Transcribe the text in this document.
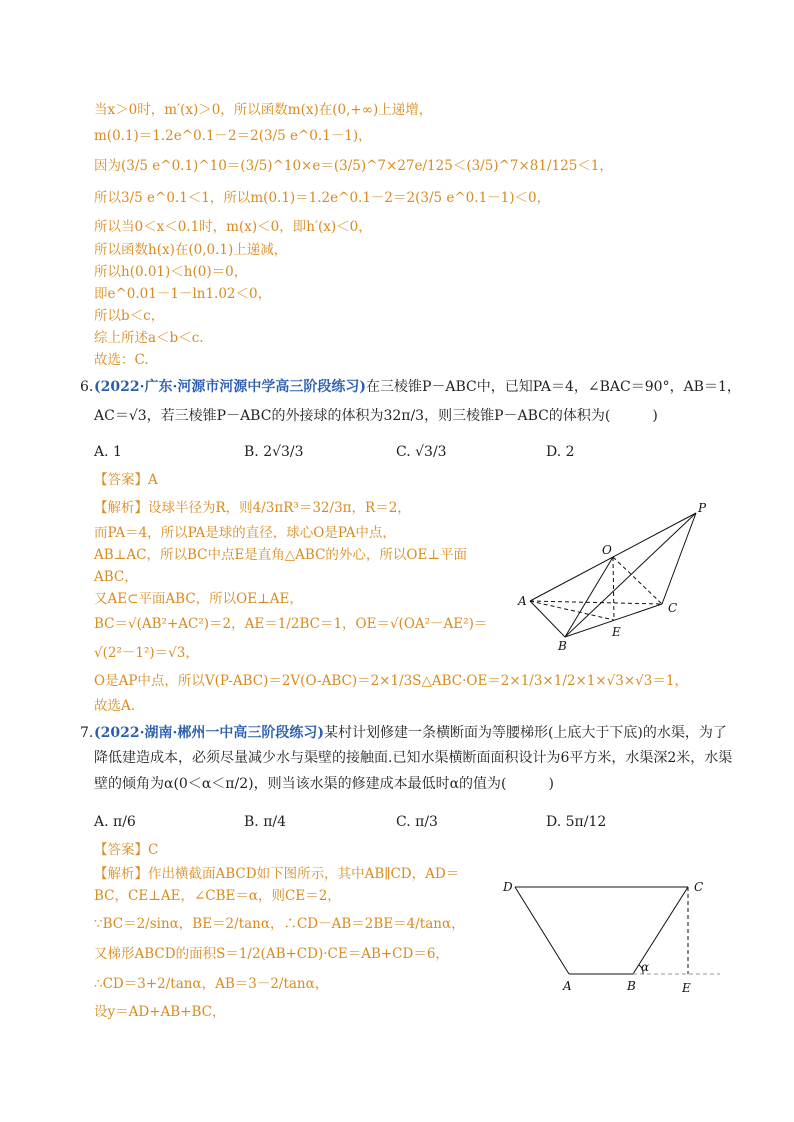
当x＞0时，m′(x)＞0，所以函数m(x)在(0,+∞)上递增，
m(0.1)＝1.2e^0.1－2＝2(3/5 e^0.1－1)，
因为(3/5 e^0.1)^10＝(3/5)^10×e＝(3/5)^7×27e/125＜(3/5)^7×81/125＜1，
所以3/5 e^0.1＜1，所以m(0.1)＝1.2e^0.1－2＝2(3/5 e^0.1－1)＜0，
所以当0＜x＜0.1时，m(x)＜0，即h′(x)＜0，
所以函数h(x)在(0,0.1)上递减，
所以h(0.01)＜h(0)＝0，
即e^0.01－1－ln1.02＜0，
所以b＜c，
综上所述a＜b＜c.
故选：C.
6. (2022·广东·河源市河源中学高三阶段练习)在三棱锥P－ABC中，已知PA＝4，∠BAC＝90°，AB＝1，
AC＝√3，若三棱锥P－ABC的外接球的体积为32π/3，则三棱锥P－ABC的体积为(　　　)
A. 1	B. 2√3/3	C. √3/3	D. 2
【答案】A
【解析】设球半径为R，则4/3πR³＝32/3π，R＝2，
而PA＝4，所以PA是球的直径，球心O是PA中点，
AB⊥AC，所以BC中点E是直角△ABC的外心，所以OE⊥平面
ABC，
又AE⊂平面ABC，所以OE⊥AE，
BC＝√(AB²+AC²)＝2，AE＝1/2BC＝1，OE＝√(OA²－AE²)＝
√(2²－1²)＝√3，
O是AP中点，所以V(P-ABC)＝2V(O-ABC)＝2×1/3S△ABC·OE＝2×1/3×1/2×1×√3×√3＝1，
故选A.
P
O
A	C
E
B
7. (2022·湖南·郴州一中高三阶段练习)某村计划修建一条横断面为等腰梯形(上底大于下底)的水渠，为了
降低建造成本，必须尽量减少水与渠壁的接触面.已知水渠横断面面积设计为6平方米，水渠深2米，水渠
壁的倾角为α(0＜α＜π/2)，则当该水渠的修建成本最低时α的值为(　　　)
A. π/6	B. π/4	C. π/3	D. 5π/12
【答案】C
【解析】作出横截面ABCD如下图所示，其中AB∥CD，AD＝
BC，CE⊥AE，∠CBE＝α，则CE＝2，
∵BC＝2/sinα，BE＝2/tanα，∴CD－AB＝2BE＝4/tanα，
又梯形ABCD的面积S＝1/2(AB+CD)·CE＝AB+CD＝6，
∴CD＝3+2/tanα，AB＝3－2/tanα，
设y＝AD+AB+BC，
D	C
α
A	B	E
